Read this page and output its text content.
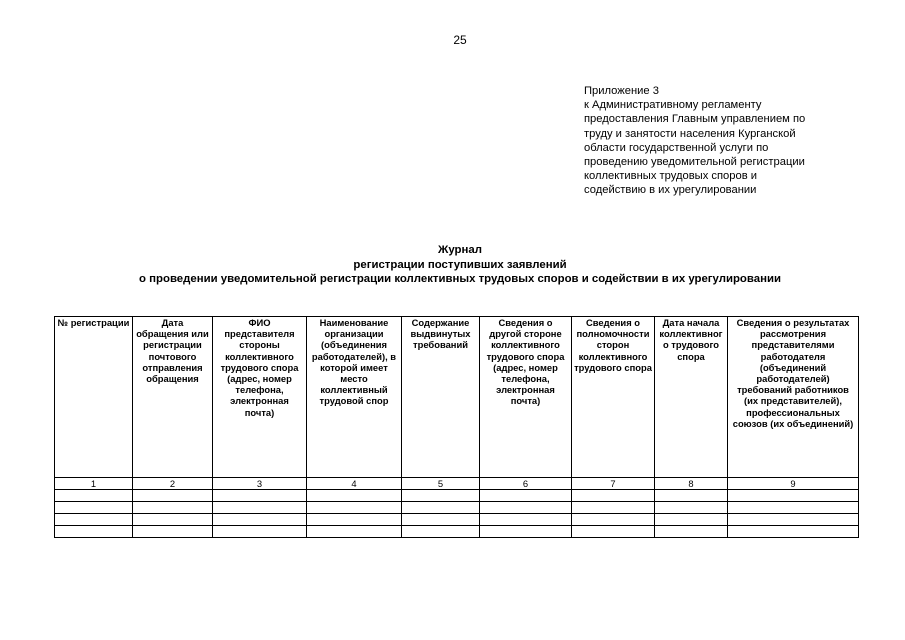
25
Приложение 3
к Административному регламенту
предоставления Главным управлением по
труду и занятости населения Курганской
области государственной услуги по
проведению уведомительной регистрации
коллективных трудовых споров и
содействию в их урегулировании
Журнал
регистрации поступивших заявлений
о проведении уведомительной регистрации коллективных трудовых споров и содействии в их урегулировании
№ регистрации	Дата обращения или регистрации почтового отправления обращения	ФИО представителя стороны коллективного трудового спора (адрес, номер телефона, электронная почта)	Наименование организации (объединения работодателей), в которой имеет место коллективный трудовой спор	Содержание выдвинутых требований	Сведения о другой стороне коллективного трудового спора (адрес, номер телефона, электронная почта)	Сведения о полномочности сторон коллективного трудового спора	Дата начала коллективного трудового спора	Сведения о результатах рассмотрения представителями работодателя (объединений работодателей) требований работников (их представителей), профессиональных союзов (их объединений)
1	2	3	4	5	6	7	8	9
